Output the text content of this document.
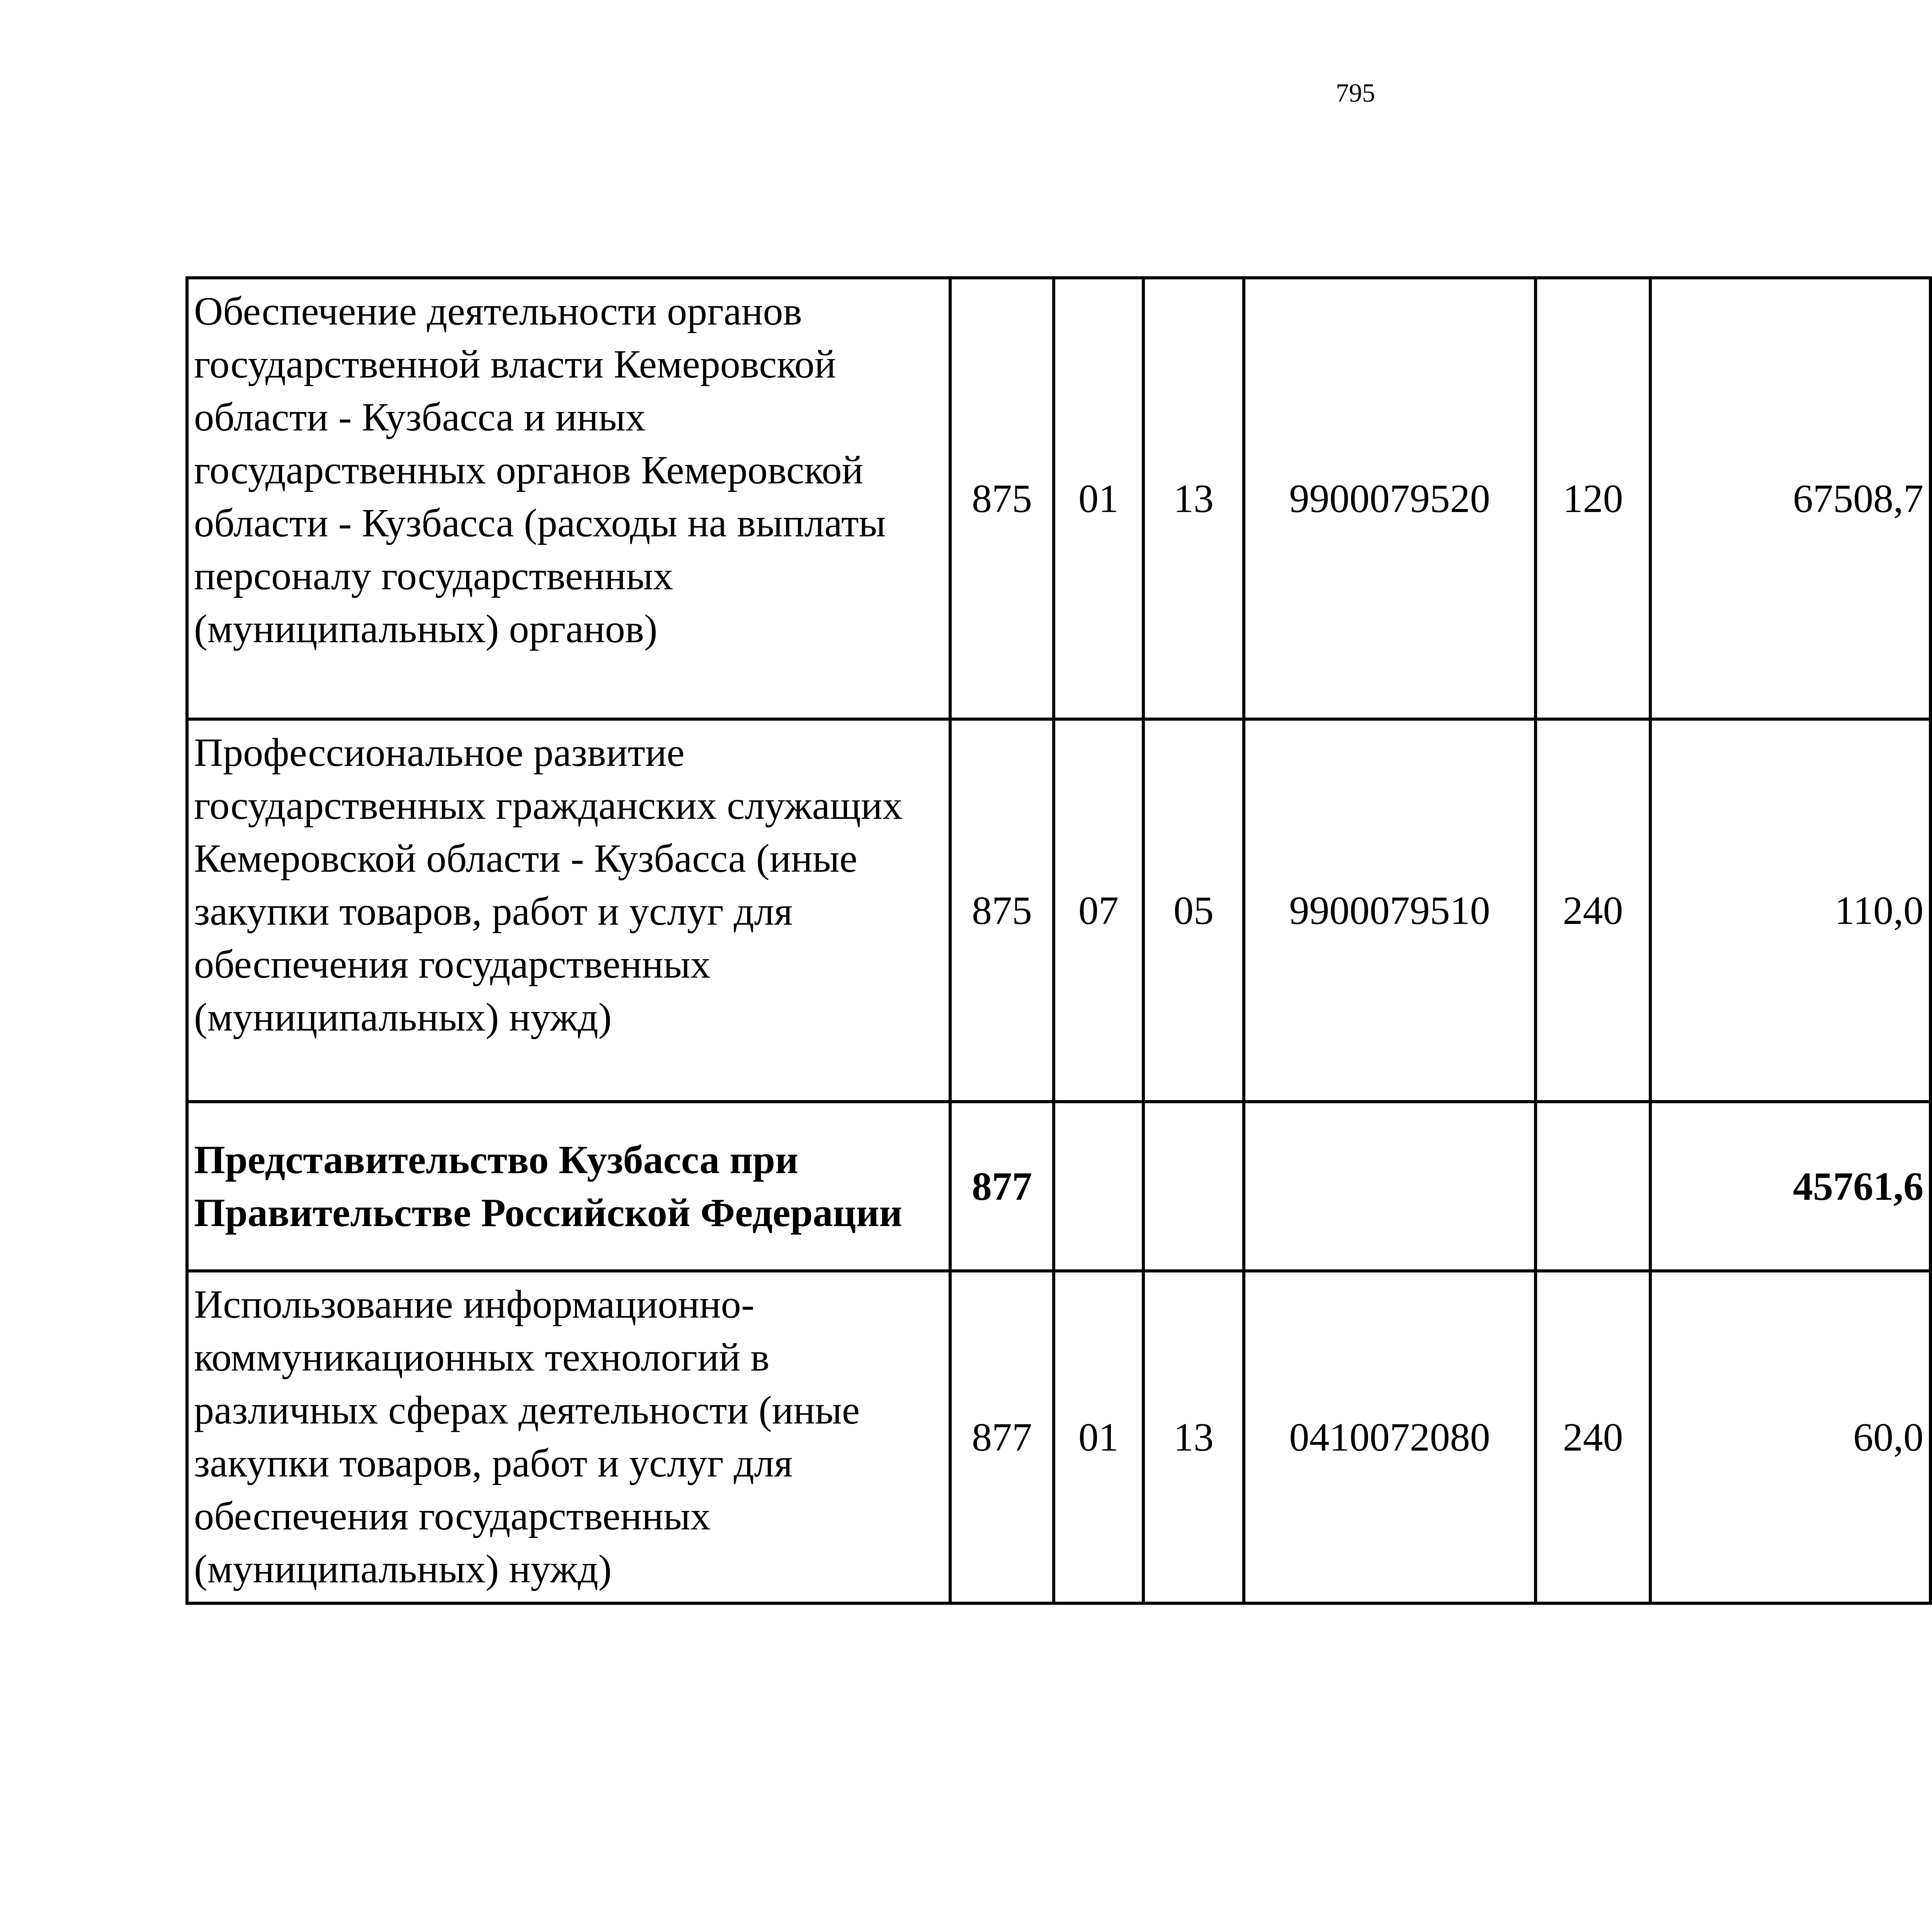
795
Обеспечение деятельности органов государственной власти Кемеровской области - Кузбасса и иных государственных органов Кемеровской области - Кузбасса (расходы на выплаты персоналу государственных (муниципальных) органов)	875	01	13	9900079520	120	67508,7		
Профессиональное развитие государственных гражданских служащих Кемеровской области - Кузбасса (иные закупки товаров, работ и услуг для обеспечения государственных (муниципальных) нужд)	875	07	05	9900079510	240	110,0		
Представительство Кузбасса при Правительстве Российской Федерации	877					45761,6		
Использование информационно-коммуникационных технологий в различных сферах деятельности (иные закупки товаров, работ и услуг для обеспечения государственных (муниципальных) нужд)	877	01	13	0410072080	240	60,0		
